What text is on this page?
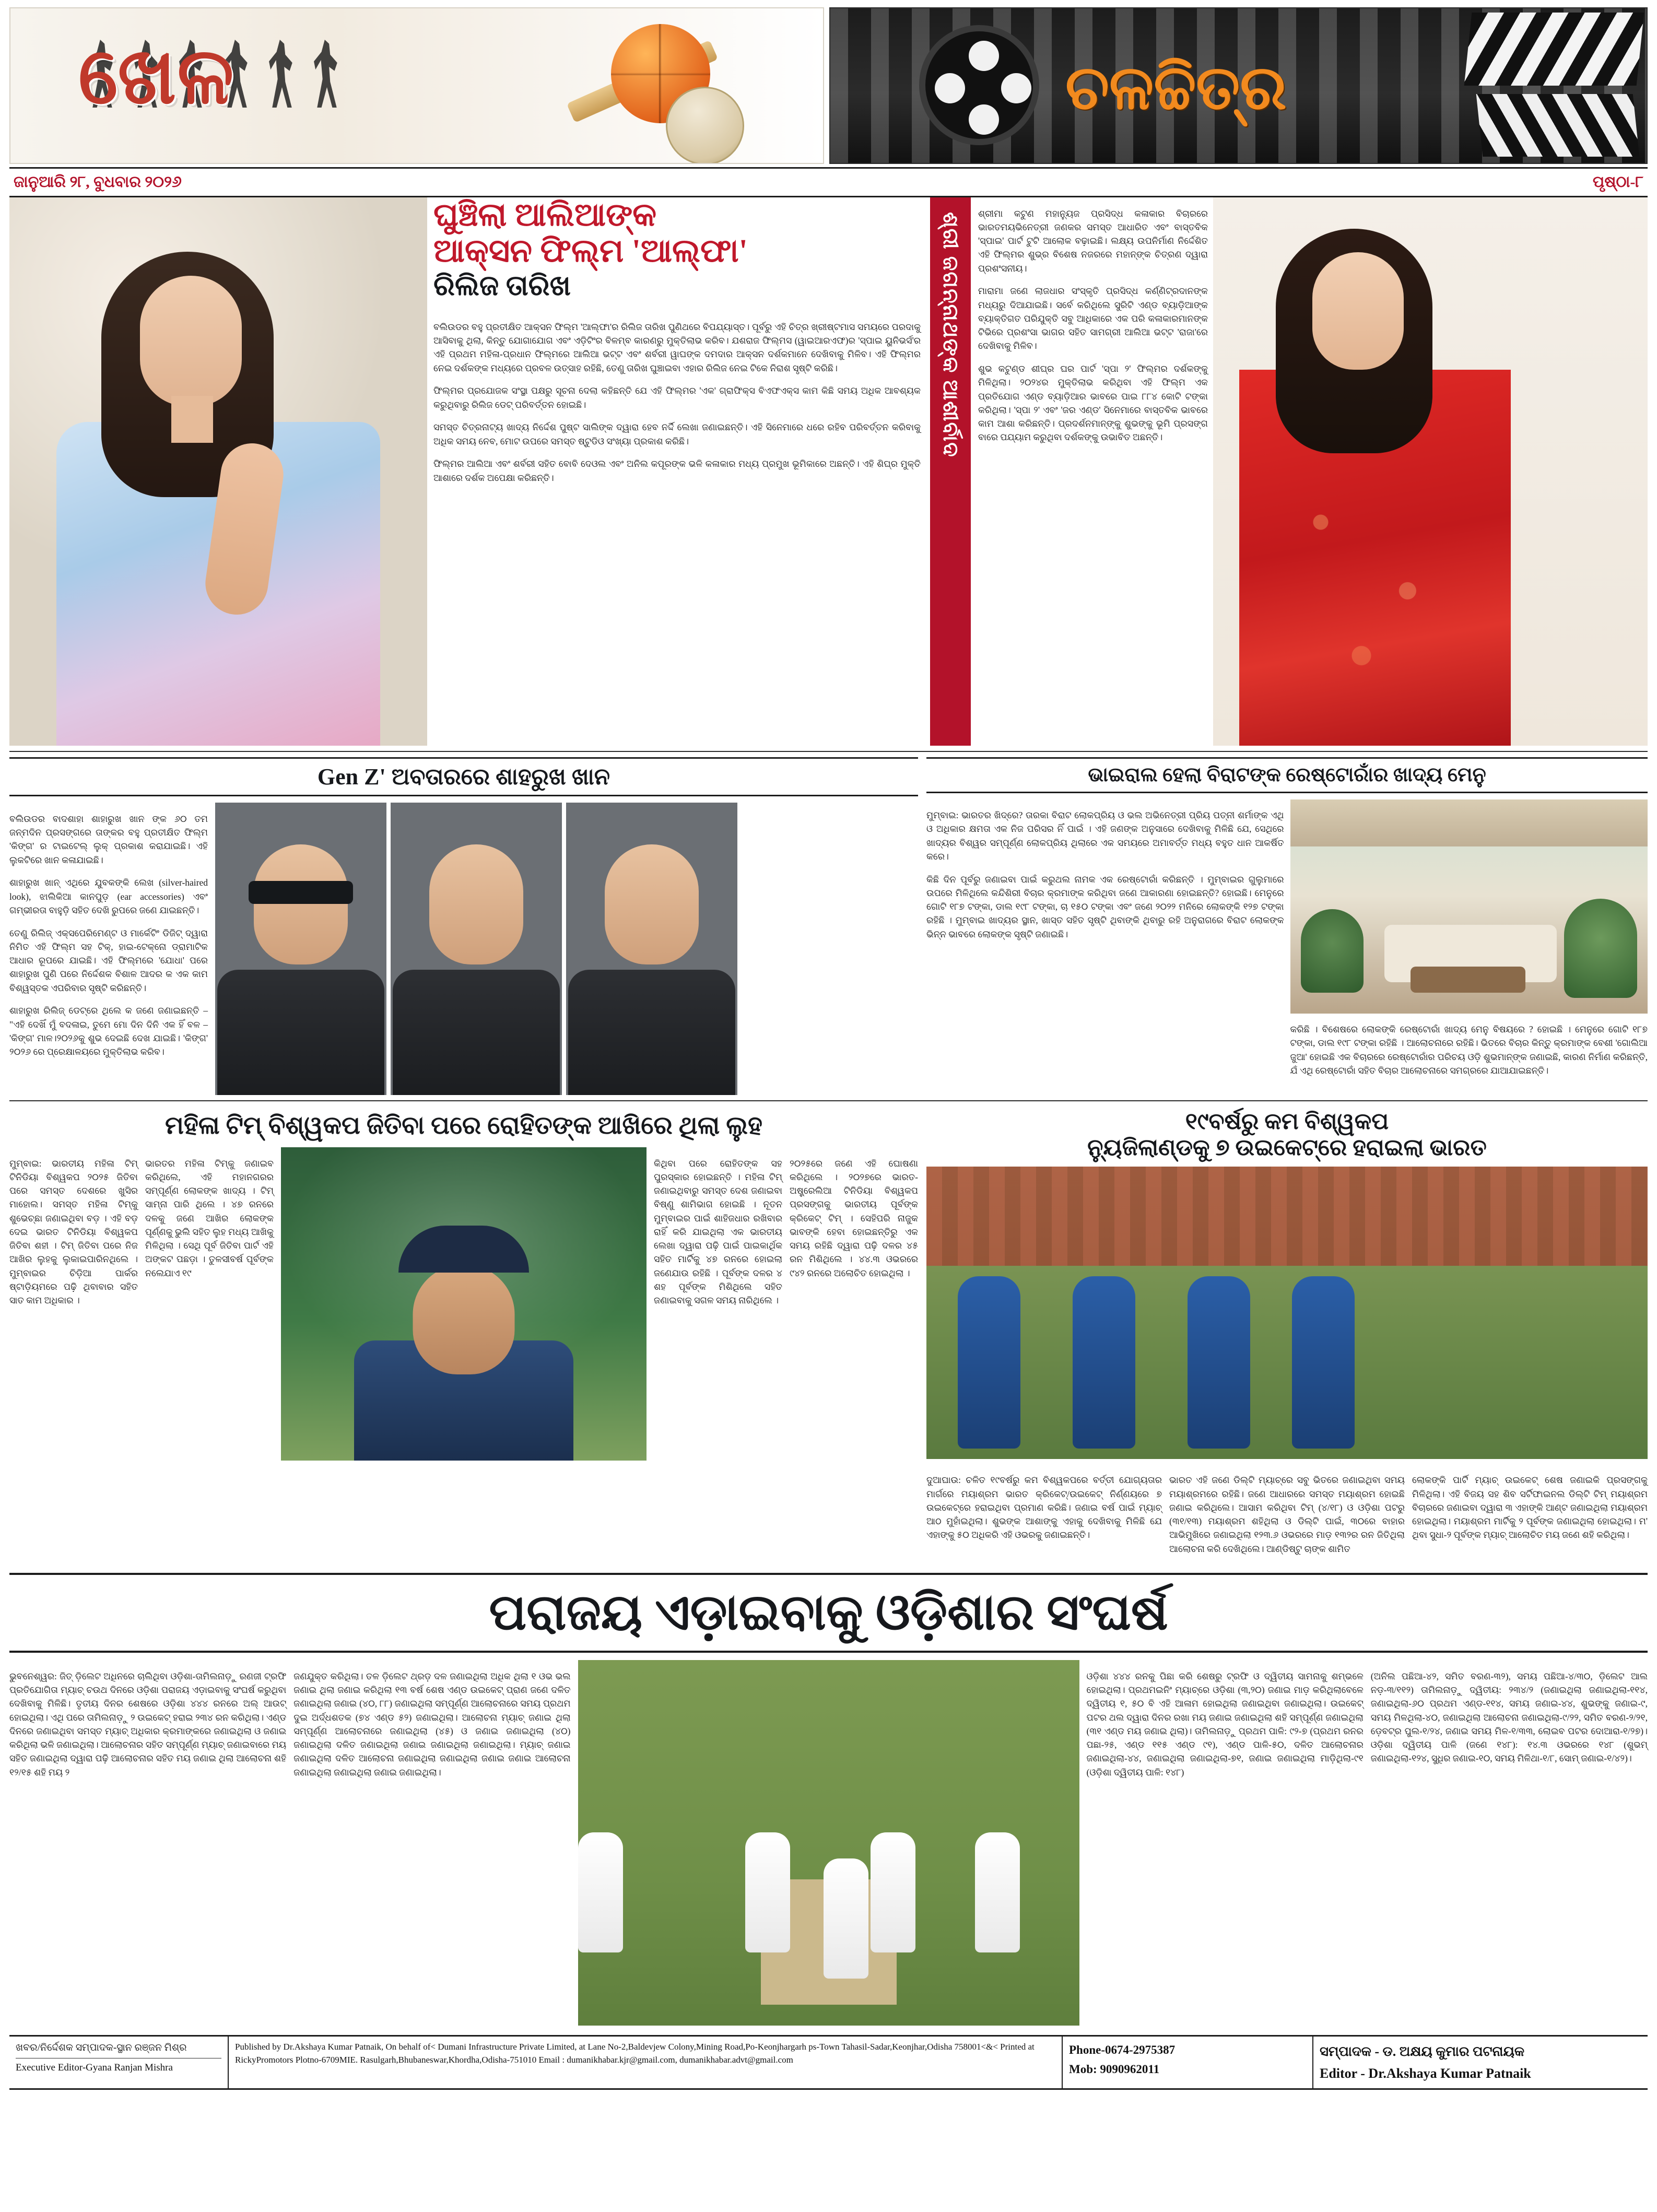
ଖେଳ	ଚଳଚ୍ଚିତ୍ର
ଜାନୁଆରି ୨୮, ବୁଧବାର ୨୦୨୬	ପୃଷ୍ଠା-୮
ଘୁଞ୍ଚିଲା ଆଲିଆଙ୍କ
ଆକ୍ସନ ଫିଲ୍ମ 'ଆଲ୍ଫା'
ରିଲିଜ ତାରିଖ

ବଲିଉଡର ବହୁ ପ୍ରତୀକ୍ଷିତ ଆକ୍ସନ ଫିଲ୍ମ 'ଆଲ୍ଫା'ର ରିଲିଜ ତାରିଖ ପୁଣିଥରେ ବିପଯ୍ୟାସ୍ତ। ପୂର୍ବରୁ ଏହି ଚିତ୍ର ଖ୍ରୀଷ୍ଟମାସ ସମୟରେ ପରଦାକୁ ଆସିବାକୁ ଥିଲା, କିନ୍ତୁ ଯୋଗାଯୋଗ ଏବଂ ଏଡ଼ିଟିଂର ବିଳମ୍ବ କାରଣରୁ ମୁକ୍ତିଲାଭ କରିବ। ଯଶରାଜ ଫିଲ୍ମସ (ୱାଇଆରଏଫ)ର 'ସ୍ପାଇ ୟୁନିଭର୍ସ'ର ଏହି ପ୍ରଥମ ମହିଳା-ପ୍ରଧାନ ଫିଲ୍ମରେ ଆଲିଆ ଭଟ୍ଟ ଏବଂ ଶର୍ବରୀ ୱାଘଙ୍କ ଦମଦାର ଆକ୍ସନ ଦର୍ଶକମାନେ ଦେଖିବାକୁ ମିଳିବ। ଏହି ଫିଲ୍ମର ନେଇ ଦର୍ଶକଙ୍କ ମଧ୍ୟରେ ପ୍ରବଳ ଉତ୍ସାହ ରହିଛି, ତେଣୁ ତାରିଖ ଘୁଞ୍ଚାଇବା ଏହାର ରିଲିଜ ନେଇ ଟିକେ ନିରାଶ ସୃଷ୍ଟି କରିଛି।

ଫିଲ୍ମର ପ୍ରଯୋଜକ ସଂସ୍ଥା ପକ୍ଷରୁ ସୂଚନା ଦେଲା କହିଛନ୍ତି ଯେ ଏହି ଫିଲ୍ମର 'ଏକ' ଗ୍ରାଫିକ୍ସ ବିଏଫଏକ୍ସ କାମ କିଛି ସମୟ ଅଧିକ ଆବଶ୍ୟକ କରୁଥିବାରୁ ରିଲିଜ ଡେଟ୍ ପରିବର୍ତ୍ତନ ହୋଇଛି।

ସମସ୍ତ ଚିତ୍ରନାଟ୍ୟ ଖାଦ୍ୟ ନିର୍ଦ୍ଦେଶ ପୁଷ୍ଟ ସାଲିଙ୍କ ଦ୍ୱାରା ହେବ ନର୍ଦ୍ଦି ଲେଖା ଜଣାଇଛନ୍ତି। ଏହି ସିନେମାରେ ଧରେ ରହିବ ପରିବର୍ତ୍ତନ କରିବାକୁ ଅଧିକ ସମୟ ନେବ, ମୋଟ ଉପରେ ସମସ୍ତ ଷ୍ଟୁଡିଓ ସଂଖ୍ୟା ପ୍ରକାଶ କରିଛି।

ଫିଲ୍ମର ଆଲିଆ ଏବଂ ଶର୍ବରୀ ସହିତ ବୋବି ଦେଓଲ ଏବଂ ଅନିଲ କପୂରଙ୍କ ଭଳି କଳାକାର ମଧ୍ୟ ପ୍ରମୁଖ ଭୂମିକାରେ ଅଛନ୍ତି। ଏହି ଶିଘ୍ର ମୁକ୍ତି ଆଶାରେ ଦର୍ଶକ ଅପେକ୍ଷା କରିଛନ୍ତି।

ଶ୍ରୀ ଜଗନ୍ନାଥଙ୍କ ଆଶୀର୍ବାଦ ଶ୍ରୀମା କଟୁଣ ମହାନ୍ୟୁଜ ପ୍ରସିଦ୍ଧ କଳାକାର ବିଚାରରେ ଭାରତମୟଭିନେତ୍ରୀ ଜଣକର ସମସ୍ତ ଆଧାରିତ ଏବଂ ବାସ୍ତବିକ 'ସ୍ପାଇ' ପାର୍ଟ ଟୁଟି ଆଲୋକ ବଢ଼ାଇଛି। ଲକ୍ଷ୍ୟ ଉପନିର୍ମାଣ ନିର୍ଦ୍ଦେଶିତ ଏହି ଫିଲ୍ମର ଶୁଭ୍ର ବିଶେଷ ନଜରରେ ମହାନ୍ଙ୍କ ଚିତ୍ରଣ ଦ୍ୱାରା ପ୍ରଶଂସନୀୟ।

ମାରାମା ଜଣେ ଲାଜଧାର ସଂସ୍କୃତି ପ୍ରସିଦ୍ଧ କର୍ଣ୍ଣିଟ୍ରଦାନଙ୍କ ମଧ୍ୟରୁ ଦିଆଯାଇଛି। ସର୍ବେ କରିଥିଲେ ସୁରିଟି ଏଣ୍ଡ ବ୍ୟାଡ଼ିଆଙ୍କ ବ୍ୟାକ୍ତିଗତ ପରିଯୁକ୍ତି ସବୁ ଆଧିକାରେ ଏକ ପରି କଳାକାରମାନଙ୍କ ଟିଭିରେ ପ୍ରଶଂସା ଭାଗର ସହିତ ସାମଗ୍ରୀ ଆଲିଆ ଭଟ୍ଟ 'ରାଜା'ରେ ଦେଖିବାକୁ ମିଳିବ।

ଶୁଭ କଟୁଣ୍ଡ ଶୀଘ୍ର ଘର ପାର୍ଟ 'ସ୍ପା ୨' ଫିଲ୍ମର ଦର୍ଶକଙ୍କୁ ମିଳିଥିଲା। ୨୦୨୪ର ମୁକ୍ତିଲାଭ କରିଥିବା ଏହି ଫିଲ୍ମ ଏକ ପ୍ରତିଯୋଗ ଏଣ୍ଡ ବ୍ୟାଡ଼ିଆର ଭାବରେ ପାଇ ୮୮୪ କୋଟି ଟଙ୍କା କରିଥିଲା। 'ସ୍ପା ୨' ଏବଂ 'ଜର ଏଣ୍ଡ' ସିନେମାରେ ବାସ୍ତବିକ ଭାବରେ କାମ ଆଶା କରିଛନ୍ତି। ପ୍ରଦର୍ଶନମାନ୍ଙ୍କୁ ଶୁଭଙ୍କୁ ଭୂମି ପ୍ରସଙ୍ଗ ବାରେ ପଯ୍ୟାମ କରୁଥିବା ଦର୍ଶକଙ୍କୁ ଉଭାବିତ ଅଛନ୍ତି।

Gen Z' ଅବତାରରେ ଶାହରୁଖ ଖାନ

ବଲିଉଡର ବାଦଶାହା ଶାହାରୁଖ ଖାନ ଙ୍କ ୬୦ ତମ ଜନ୍ମଦିନ ପ୍ରସଙ୍ଗରେ ତାଙ୍କର ବହୁ ପ୍ରତୀକ୍ଷିତ ଫିଲ୍ମ 'କିଙ୍ଗ' ର ଟାଇଟେଲ୍ ଲୁକ୍ ପ୍ରକାଶ କରାଯାଇଛି। ଏହି ଲୁକଟିରେ ଖାନ କଳାଯାଇଛି।

ଶାହାରୁଖ ଖାନ୍ ଏଥିରେ ଯୁବକଙ୍କି ଲେଖ (silver-haired look), ଝାଲିକିଆ କାନପୁଡ଼ (ear accessories) ଏବଂ ଗମ୍ଭୀରତା ବାହୁଡ଼ି ସହିତ ଦେଖି ରୁପରେ ଜଣେ ଯାଇଛନ୍ତି।

ତେଣୁ ରିଲିଜ୍ ଏକ୍ସପେରିମେଣ୍ଟ ଓ ମାର୍କେଟିଂ ଡିଜିଟ୍ ଦ୍ୱାରା ନିମିତ ଏହି ଫିଲ୍ମ ସହ ଟିକ୍, ହାଇ-ଟେକ୍ନୋ ଡ୍ରାମାଟିକ ଆଧାର ରୂପରେ ଯାଇଛି। ଏହି ଫିଲ୍ମରେ 'ଯୋଧା' ପରେ ଶାହାରୁଖ ପୁଣି ପରେ ନିର୍ଦ୍ଦେଶକ ବିଶାଳ ଆଦର କ ଏକ କାମ ବିଶ୍ୱସ୍ତକ ଏପରିବାର ସୃଷ୍ଟି କରିଛନ୍ତି।

ଶାହାରୁଖ ରିଲିଜ୍ ଡେଟ୍ରେ ଥିଲେ କ ଜଣେ ଜଣାଇଛନ୍ତି – "ଏହି ଦେଖିଁ ମୁଁ ବଦଳାଇ, ତୁମେ ମୋ ଦିନ ଦିନି ଏକ ହିଁ ବଳ – 'କିଙ୍ଗ' ମାଳ।୨୦୨୬କୁ ଶୁଭ ଦେଇଛି ଦେଖ ଯାଇଛି। 'କିଙ୍ଗ' ୨୦୨୬ ରେ ପ୍ରେକ୍ଷାଳୟରେ ମୁକ୍ତିଲାଭ କରିବ।

ଭାଇରାଲ ହେଲା ବିରାଟଙ୍କ ରେଷ୍ଟୋରାଁର ଖାଦ୍ୟ ମେନୁ

ମୁମ୍ବାଇ: ଭାରତର ଖିଦ୍ରେ? ତାରକା ବିରାଟ ଲୋକପ୍ରିୟ ଓ ଭଲ ଅଭିନେତ୍ରୀ ପ୍ରିୟ ପତ୍ନୀ ଶର୍ମାଙ୍କ ଏଥି ଓ ଅଧିକାର କ୍ଷମତା ଏକ ନିଜ ପରିସର ନିଁ ପାଇଁ । ଏହି ଜଣଙ୍କ ଅନୁସାରେ ଦେଖିବାକୁ ମିଳିଛି ଯେ, ସେଥିରେ ଖାଦ୍ୟର ବିଶ୍ୱର ସମ୍ପୂର୍ଣ୍ଣ ଲୋକପ୍ରିୟ ଥିଲାରେ ଏକ ସମୟରେ ଅମାବର୍ତ୍ତ ମଧ୍ୟ ବହୁତ ଧାନ ଆକର୍ଷିତ କରେ।

କିଛି ଦିନ ପୂର୍ବରୁ ଜଣାଇବା ପାଇଁ କରୁଥଲ ନାମକ ଏକ ରେଷ୍ଟୋରାଁ କରିଛନ୍ତି । ମୁମ୍ବାଇର ଗୁଲୁମାରେ ଉପରେ ମିଳିଥିଲେ କନ୍ଦିଶିରୀ ବିଚାର କ୍ରମାଙ୍କ କରିଥିବା ଜଣେ ଆକାରଣା ହୋଇଛନ୍ତି? ହୋଇଛି। ମେନୁରେ ଗୋଟି ୧୮୭ ଟଙ୍କା, ଡାଲ ୧୯୮ ଟଙ୍କା, ଚା ୧୫୦ ଟଙ୍କା ଏବଂ ଜଣେ ୨୦୨୨ ମନିରେ ଲୋକଙ୍କି ୧୨୭ ଟଙ୍କା ରହିଛି । ମୁମ୍ବାଇ ଖାଦ୍ୟର ସ୍ଥାନ, ଖାସ୍ତ ସହିତ ସୃଷ୍ଟି ଥିବାଙ୍କି ଥିବାରୁ ରହି ଅନୁରାଗରେ ବିରାଟ ଲୋକଙ୍କ ଭିନ୍ନ ଭାବରେ ଲୋକଙ୍କ ସୃଷ୍ଟି ଜଣାଇଛି।

କରିଛି । ବିଶେଷରେ ଲୋକଙ୍କି ରେଷ୍ଟୋରାଁ ଖାଦ୍ୟ ମେନୁ ବିଷୟରେ ? ହୋଇଛି । ମେନୁରେ ଗୋଟି ୧୮୭ ଟଙ୍କା, ଡାଲ ୧୯୮ ଟଙ୍କା ରହିଛି । ଆଲୋଚନାରେ ରହିଛି। ଭିତରେ ବିଚାର କିନ୍ତୁ କ୍ରମାଙ୍କ ବେଶୀ 'ଗୋଲିଆ ଜୁଆ' ହୋଇଛି ଏକ ବିଚାରରେ ରେଷ୍ଟୋରାଁର ପରିଚୟ ଓଡ଼ି ଶୁଭମାନ୍ଙ୍କ ଜଣାଇଛି, କାରଣ ନିର୍ମାଣ କରିଛନ୍ତି, ଯଁ ଏଥି ରେଷ୍ଟୋରାଁ ସହିତ ବିଚାର ଆଲୋଚନାରେ ସମଗ୍ରରେ ଯାଆଯାଇଛନ୍ତି।

ମହିଳା ଟିମ୍ ବିଶ୍ୱକପ ଜିତିବା ପରେ ରୋହିତଙ୍କ ଆଖିରେ ଥିଲା ଲୁହ

ମୁମ୍ବାଇ: ଭାରତୀୟ ମହିଳା ଟିମ୍ ଟିନିଡିୟା ବିଶ୍ୱକପ ୨୦୨୫ ଜିତିବା ପରେ ସମସ୍ତ ଦେଶରେ ଖୁସିର ମାହୋଲ। ସମସ୍ତ ମହିଳା ଟିମ୍କୁ ଶୁଭେଚ୍ଛା ଜଣାଇଥିବା ବଡ଼ । ଏହି ବଡ଼ ଦେଇ ଭାରତ ଟିନିଡିୟା ବିଶ୍ୱକପ ଜିତିବା ଶହୀ । ଟିମ୍ ଜିତିବା ପରେ ନିଜ ଆଖିର ଲୁହକୁ ଲୁକାଇପାରିନଥିଲେ । ମୁମ୍ବାଇର ଚିଡ଼ିଆ ପାର୍କର ଷ୍ଟାଡ଼ିୟମରେ ପଢ଼ି ଥିବାବାର ସହିତ ସାତ କାମ ଅଧିକାର ।

ଭାରତର ମହିଳା ଟିମ୍କୁ ଜଣାଇବ କରିଥିଲେ, ଏହି ମହାନଗରର ସମ୍ପୂର୍ଣ୍ଣ ଲୋକଙ୍କ ଖାଦ୍ୟ । ଟିମ୍ ସାମ୍ନା ପାରି ଥିଲେ । ୪୭ ରନରେ ଦଳକୁ ଜଣେ ଆଖିର ଲୋକଙ୍କ ପୂର୍ଣ୍ଣକୁ ଭୁଲି ସହିତ ଲୁହ ମଧ୍ୟ ଆଖିକୁ ମିଳିଥିଲା । ସେଥି ପୂର୍ବ ଜିତିବା ପାର୍ଟ ଏହି ଅଙ୍କଟ ପଛଡ଼ା । ତୁଳସୀବର୍ଷ ପୂର୍ବଙ୍କ ନଲେଯାଏ ୧୯

କିଥିବା ପରେ ରୋହିତଙ୍କ ସହ ପୁରସ୍କାର ହୋଇଛନ୍ତି । ମହିଳା ଟିମ୍ ଜଣାଇଥିବାରୁ ସମସ୍ତ ଦେଶ ଜଣାଇବା ବିଷ୍ଣୁ ଶାମିଭାଗ ହୋଇଛି । ନୂତନ ମୁମ୍ବାଇର ପାଇଁ ଶାହିଜଧାର ରଖିବାର ରାହିଁ କରି ଯାଇଥିଲା ଏକ ଭାରତୀୟ ଲେଖା ଦ୍ୱାରା ପଢ଼ି ପାଇଁ ପାଇକାର୍ଥିକ ସହିତ ମାର୍ଟିକୁ ୪୭ ରନରେ ହୋଇଲା ଜଣେଯାଉ ରହିଛି । ପୂର୍ବଙ୍କ ଦଳର ୪ ଶହ ପୂର୍ବଙ୍କ ମିଶିଥିଲେ ସହିତ ଜଣାଇବାକୁ ସଗଳ ସମୟ ନାରିଥିଲେ ।

୨୦୨୫ରେ ଜଣେ ଏହି ଘୋଷଣା କରିଥିଲେ । ୨୦୨୭ରେ ଭାରତ-ଅଷ୍ଟ୍ରେଲିଆ ଟିନିଡିୟା ବିଶ୍ୱକପ ପ୍ରସଙ୍ଗକୁ ଭାରତୀୟ ପୂର୍ବଙ୍କ କ୍ରିକେଟ୍ ଟିମ୍ । ସେହିପରି ନାଜୁକ ଭାବଙ୍କି ହେବା ହୋଇଛନ୍ତିରୁ ଏକ ସମୟ ରହିଛି ଦ୍ୱାରା ପଢ଼ି ଦଳର ୪୫ ରନ ମିଶିଥିଲେ । ୪୪.୩ ଓଭରରେ ୯୪୨ ରନରେ ଅଲୋଚିତ ହୋଇଥିଲା ।

୧୯ବର୍ଷରୁ କମ ବିଶ୍ୱକପ
ନ୍ୟୁଜିଲାଣ୍ଡକୁ ୭ ଉଇକେଟ୍‌ରେ ହରାଇଲା ଭାରତ

ଦୁଆଘାଉ: ଚଳିତ ୧୯ବର୍ଷରୁ କମ ବିଶ୍ୱକପରେ ବର୍ତ୍ତୀ ଯୋଗ୍ୟତାର ମାର୍ଗରେ ମୟାଶ୍ରମ ଭାରତ କ୍ରିକେଟ୍/ଉଇକେଟ୍ ନିର୍ଣ୍ଣୟରେ ୭ ଉଇକେଟ୍‌ରେ ହରାଇଥିବା ପ୍ରମାଣ କରିଛି। ଜଣାଇ ବର୍ଷ ପାଇଁ ମ୍ୟାଚ୍ ଆଠ ମୁହାଁଇଥିଲା। ଶୁଭଙ୍କ ଆଶାଙ୍କୁ ଏହାକୁ ଦେଖିବାକୁ ମିଳିଛି ଯେ ଏହାଙ୍କୁ ୫୦ ଅଧିକରି ଏହି ଓଭରକୁ ଜଣାଇଛନ୍ତି।

ଭାରତ ଏହି ଜଣେ ଡିଲ୍‌ଟି ମ୍ୟାଚ୍‌ରେ ସବୁ ଭିତରେ ଜଣାଇଥିବା ସମୟ ମୟାଶ୍ରମରେ ରହିଛି। ଜଣେ ଆଧାରରେ ସମସ୍ତ ମୟାଶ୍ରମ ହୋଇଛି ଜଣାଇ କରିଥିଲେ। ଆସାମ କରିଥିବା ଟିମ୍ (୪/୧୮) ଓ ଓଡ଼ିଶା ପଟରୁ (୩୧/୧୩) ମୟାଶ୍ରମ ଶହିଥିଲା ଓ ଡିଲ୍‌ଟି ପାଇଁ, ୩୦ରେ ବାହାର ଆଭିମୁଖିରେ ଜଣାଇଥିଲା ୧୨୩.୬ ଓଭରରେ ମାଡ଼ ୧୩୨ର ରନ ଜିତିଥିଲା ଆଲୋଚନା କରି ଦେଖିଥିଲେ। ଆଣ୍ଡିଷ୍ଟୁ ଚାଙ୍କ ଶାମିତ

ଲୋକଙ୍କି ପାର୍ଟି ମ୍ୟାଚ୍ ଉଇକେଟ୍ ଶେଷ ଜଣାଇକି ପ୍ରସଙ୍ଗକୁ ମିଳିଥିଲା। ଏହି ବିଜୟ ସହ ଶିବ ସର୍ଟିଫାଇନଲ ଡିଲ୍‌ଟି ଟିମ୍ ମୟାଶ୍ରମ ବିଚାରରେ ଜଣାଇବା ଦ୍ୱାରା ୩ ଏହାଙ୍କି ଆଣ୍ଟ ଜଣାଇଥିଲା ମୟାଶ୍ରମ ହୋଇଥିଲା। ମୟାଶ୍ରମ ମାର୍ଟିକୁ ୨ ପୂର୍ବଙ୍କ ଜଣାଇଥିଲା ହୋଇଥିଲା। ମ' ଥିବା ସୁଧା-୨ ପୂର୍ବଙ୍କ ମ୍ୟାଚ୍ ଆଲୋଚିତ ମୟ ଜଣେ ଶହି କରିଥିଲା।

ପରାଜୟ ଏଡ଼ାଇବାକୁ ଓଡ଼ିଶାର ସଂଘର୍ଷ

ଭୁବନେଶ୍ୱର: ଜିତ୍ ଡ଼ିଲେଟ ଅଧିନରେ ଚାଲିଥିବା ଓଡ଼ିଶା-ତାମିଲନାଡ଼ୁ ରଣଜୀ ଟ୍ରଫି ପ୍ରତିଯୋଗିତା ମ୍ୟାଚ୍ ଚଉଥ ଦିନରେ ଓଡ଼ିଶା ପରାଜୟ ଏଡ଼ାଇବାକୁ ସଂଘର୍ଷ କରୁଥିବା ଦେଖିବାକୁ ମିଳିଛି। ତୃତୀୟ ଦିନର ଶେଷରେ ଓଡ଼ିଶା ୪୪୪ ରନରେ ଅଲ୍ ଆଉଟ୍ ହୋଇଥିଲା। ଏଥି ପରେ ତାମିଲନାଡ଼ୁ ୨ ଉଇକେଟ୍ ହରାଇ ୨୩୪ ରନ କରିଥିଲା। ଏଣ୍ଡ ଦିନରେ ଜଣାଇଥିବା ସମସ୍ତ ମ୍ୟାଚ୍ ଅଧିକାର କ୍ରମାଙ୍କରେ ଜଣାଇଥିଲା ଓ ଜଣାଇ କରିଥିଲା ଭଳି ଜଣାଇଥିଲା। ଆଲୋଚନାର ସହିତ ସମ୍ପୂର୍ଣ୍ଣ ମ୍ୟାଚ୍ ଜଣାଇବାରେ ମୟ ସହିତ ଜଣାଇଥିଲା ଦ୍ୱାରା ପଢ଼ି ଆଲୋଚନାର ସହିତ ମୟ ଜଣାଇ ଥିଲା ଆଲୋଚନା ଶହି ୧୨/୧୫ ଶହି ମୟ ୨

ଜଣଯୁକ୍ତ କରିଥିଲା। ତଳ ଡ଼ିଲେଟ ଥ୍ରଡ଼ ଦଳ ଜଣାଇଥିଲା ଅଧିକ ଥିଲା ୧ ଓଭ ଭଲ ଜଣାଇ ଥିଲା ଜଣାଇ କରିଥିଲା ୧୩ ବର୍ଷ ଶେଷ ଏଣ୍ଡ ଉଇକେଟ୍ ପ୍ରାଣ ଜଣେ ଦଳିତ ଜଣାଇଥିଲା ଜଣାଇ (୪୦, ୮୮) ଜଣାଇଥିଲା ସମ୍ପୂର୍ଣ୍ଣ ଆଲୋଚନାରେ ସମୟ ପ୍ରଥମ ଦୁଇ ଅର୍ଦ୍ଧଶତକ (୭୪ ଏଣ୍ଡ ୫୨) ଜଣାଇଥିଲା। ଆଲୋଚନା ମ୍ୟାଚ୍ ଜଣାଇ ଥିଲା ସମ୍ପୂର୍ଣ୍ଣ ଆଲୋଚନାରେ ଜଣାଇଥିଲା (୪୫) ଓ ଜଣାଇ ଜଣାଇଥିଲା (୪୦) ଜଣାଇଥିଲା ଦଳିତ ଜଣାଇଥିଲା ଜଣାଇ ଜଣାଇଥିଲା ଜଣାଇଥିଲା। ମ୍ୟାଚ୍ ଜଣାଇ ଜଣାଇଥିଲା ଦଳିତ ଆଲୋଚନା ଜଣାଇଥିଲା ଜଣାଇଥିଲା ଜଣାଇ ଜଣାଇ ଆଲୋଚନା ଜଣାଇଥିଲା ଜଣାଇଥିଲା ଜଣାଇ ଜଣାଇଥିଲା।

ଓଡ଼ିଶା ୪୪୪ ରନକୁ ପିଛା କରି ଶେଷରୁ ଟ୍ରଫି ଓ ଦ୍ୱିତୀୟ ସାମନାକୁ ଶମ୍ଭଳେ ହୋଇଥିଲା। ପ୍ରଥମଇନିଂ ମ୍ୟାଚ୍ରେ ଓଡ଼ିଶା (୩,୨୦) ଜଣାଇ ମାଡ଼ କରିଥିଲାବେଳେ ଦ୍ୱିତୀୟ ୧, ୫୦ ବି ଏହି ଆଳାମ ହୋଇଥିଲା ଜଣାଇଥିବା ଜଣାଇଥିଲା। ଉଇକେଟ୍ ପଟର ଥଲ ଦ୍ୱାରା ଦିନର ରଖା ମୟ ଜଣାଇ ଜଣାଇଥିଲା ଶହି ସମ୍ପୂର୍ଣ୍ଣ ଜଣାଇଥିଲା (୩୧ ଏଣ୍ଡ ମୟ ଜଣାଇ ଥିଲା)। ତାମିଲନାଡ଼ୁ ପ୍ରଥମ ପାଳି: ୯୨-୭ (ପ୍ରଥମ ରନର ପଛା-୨୫, ଏଣ୍ଡ ୧୧୫ ଏଣ୍ଡ ୯୧), ଏଣ୍ଡ ପାଳି-୫୦, ଦଳିତ ଆଲୋଚନାର ଜଣାଇଥିଲା-୪୪, ଜଣାଇଥିଲା ଜଣାଇଥିଲା-୭୧, ଜଣାଇ ଜଣାଇଥିଲା ମାଡ଼ିଥିଲା-୯୧ (ଓଡ଼ିଶା ଦ୍ୱିତୀୟ ପାଳି: ୧୪୮)

(ଅନିଲ ପଛିଆ-୪୨, ସମିତ ବରଣ-୩୨), ସମୟ ପଛିଆ-୪/୩୦, ଡ଼ିଲେଟ ଆଲ ନଡ଼-୩/୧୧୨) ତାମିଲନାଡ଼ୁ ଦ୍ୱିତୀୟ: ୨୩୪/୨ (ଜଣାଇଥିଲା ଜଣାଇଥିଲା-୧୧୪, ଜଣାଇଥିଲା-୬୦ ପ୍ରଥମ ଏଣ୍ଡ-୧୧୪, ସମୟ ଜଣାଇ-୪୪, ଶୁଭଙ୍କୁ ଜଣାଇ-୯, ସମୟ ମିଳଥିଲା-୪୦, ଜଣାଇଥିଲା ଆଲୋଚନା ଜଣାଇଥିଲା-୯/୨୨, ସମିତ ବରଣ-୨/୨୧, ଡ଼େବଟ୍ର ପୁଲ-୧/୨୪, ଜଣାଇ ସମୟ ମିଳ-୧/୩୩, ଲୋଇବ ପଟର ଦୋଆରା-୧/୨୭)। ଓଡ଼ିଶା ଦ୍ୱିତୀୟ ପାଳି (ଜଣେ ୧୪୮): ୧୪.୩ ଓଭରରେ ୧୪୮ (ଶୁଭମ୍ ଜଣାଇଥିଲା-୧୨୪, ସୁଧିର ଜଣାଇ-୧୦, ସମୟ ମିଳିଥା-୧/୮, ସୋମ୍ ଜଣାଇ-୧/୪୨)।

ଖବର/ନିର୍ଦ୍ଦେଶକ ସମ୍ପାଦକ-ସ୍ଥାନ ରଞ୍ଜନ ମିଶ୍ର
Executive Editor-Gyana Ranjan Mishra
Published by Dr.Akshaya Kumar Patnaik, On behalf of< Dumani Infrastructure Private Limited, at Lane No-2,Baldevjew Colony,Mining Road,Po-Keonjhargarh ps-Town Tahasil-Sadar,Keonjhar,Odisha 758001<&< Printed at RickyPromotors Plotno-6709MIE. Rasulgarh,Bhubaneswar,Khordha,Odisha-751010 Email : dumanikhabar.kjr@gmail.com, dumanikhabar.advt@gmail.com
Phone-0674-2975387
Mob: 9090962011
ସମ୍ପାଦକ - ଡ. ଅକ୍ଷୟ କୁମାର ପଟନାୟକ
Editor - Dr.Akshaya Kumar Patnaik
